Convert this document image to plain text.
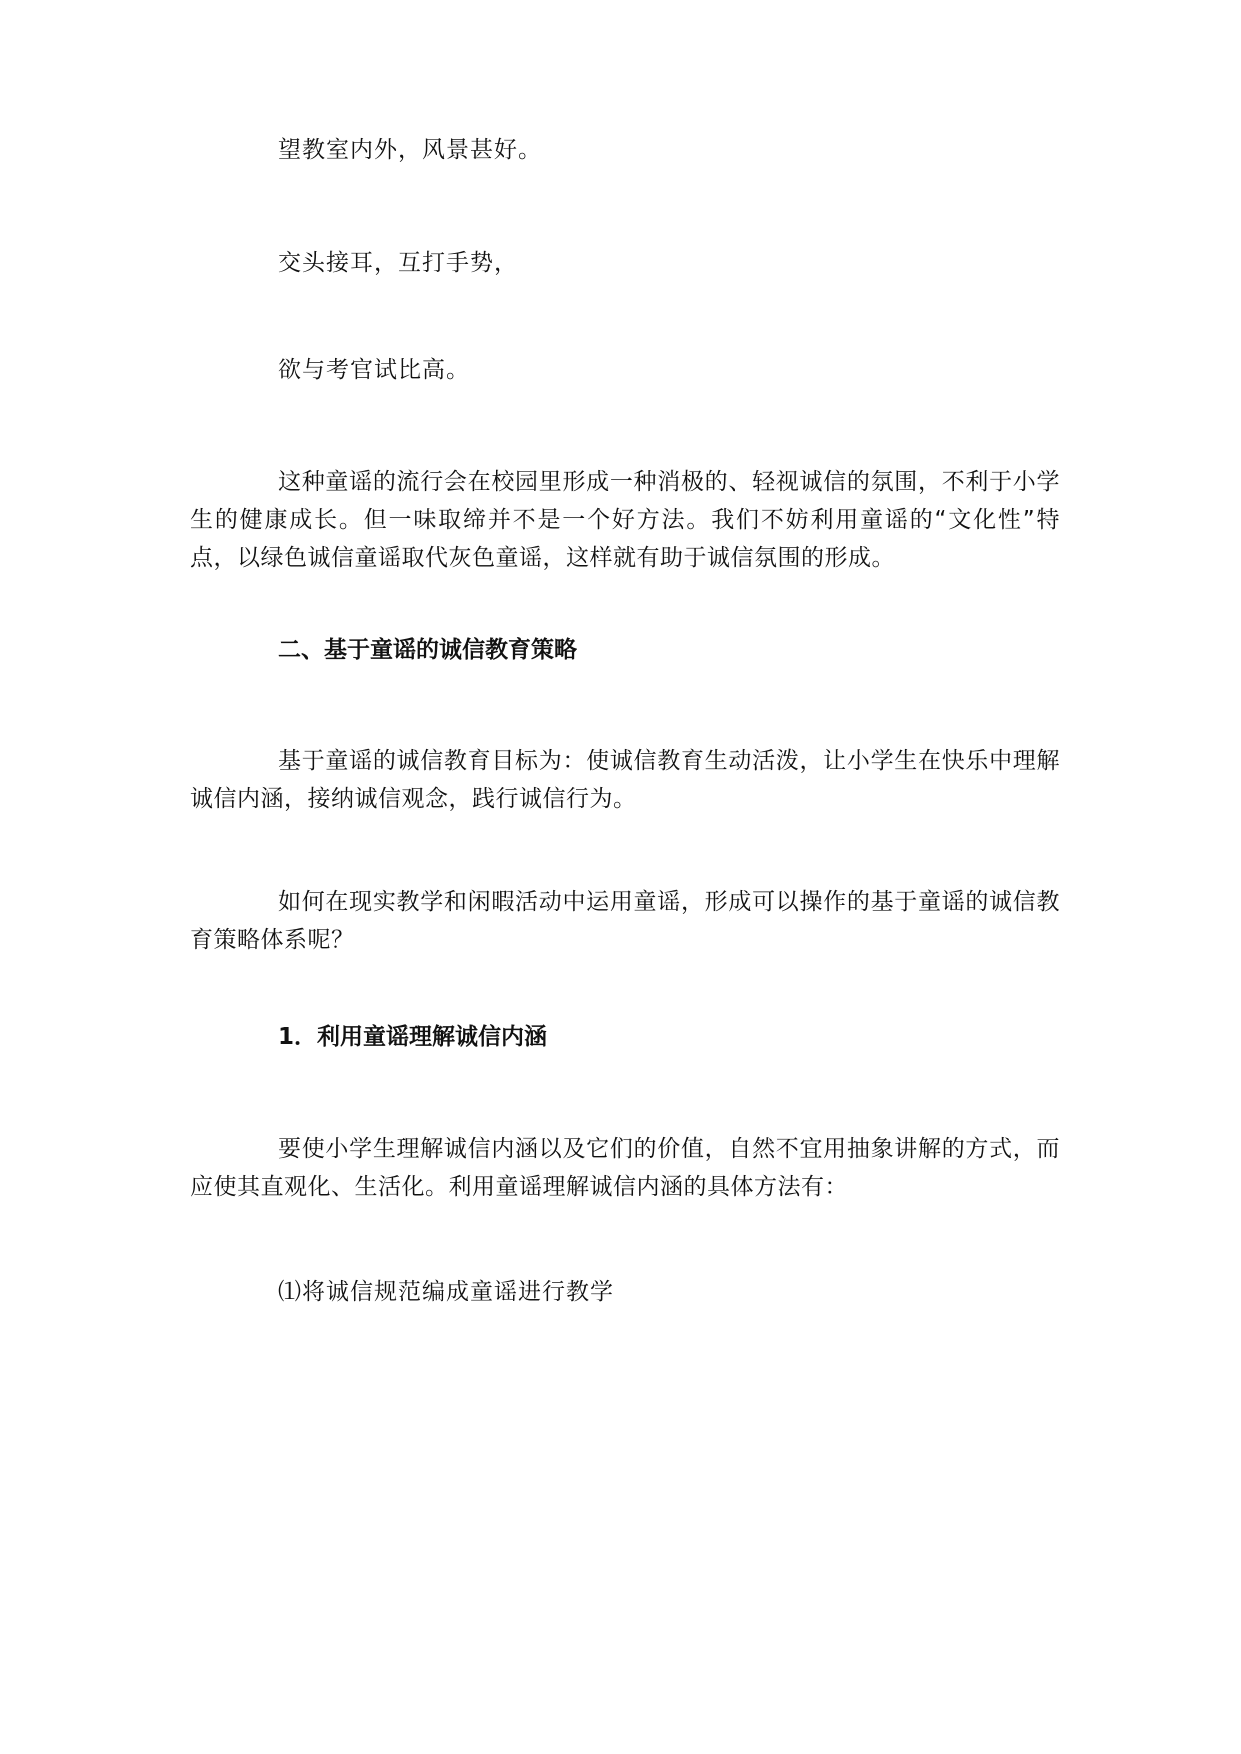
望教室内外，风景甚好。

交头接耳，互打手势，

欲与考官试比高。

这种童谣的流行会在校园里形成一种消极的、轻视诚信的氛围，不利于小学生的健康成长。但一味取缔并不是一个好方法。我们不妨利用童谣的“文化性”特点，以绿色诚信童谣取代灰色童谣，这样就有助于诚信氛围的形成。

二、基于童谣的诚信教育策略

基于童谣的诚信教育目标为：使诚信教育生动活泼，让小学生在快乐中理解诚信内涵，接纳诚信观念，践行诚信行为。

如何在现实教学和闲暇活动中运用童谣，形成可以操作的基于童谣的诚信教育策略体系呢？

1．利用童谣理解诚信内涵

要使小学生理解诚信内涵以及它们的价值，自然不宜用抽象讲解的方式，而应使其直观化、生活化。利用童谣理解诚信内涵的具体方法有：

⑴将诚信规范编成童谣进行教学
